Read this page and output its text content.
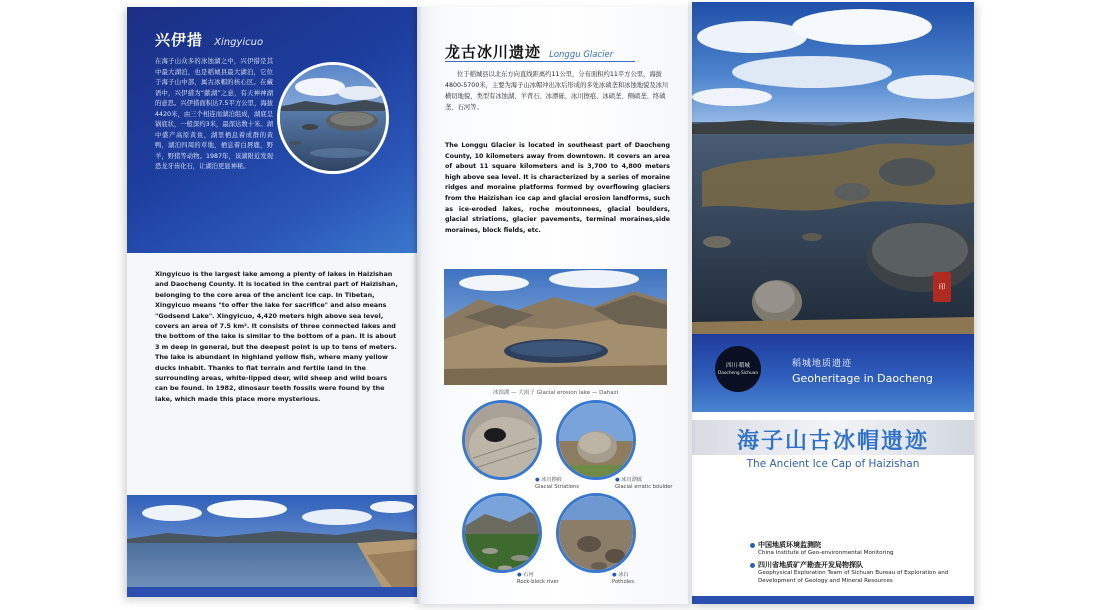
兴伊措 Xingyicuo
在海子山众多的冰蚀湖之中，兴伊措是其中最大湖泊，也是稻城县最大湖泊，它位于海子山中部，属古冰帽的核心区。在藏语中，兴伊措为“献湖”之意，有天神神湖的意思。兴伊措面积达7.5平方公里，海拔4420米，由三个相连而湖泊组成，湖底呈锅底状，一般深约3米，最深达数十米。湖中盛产高原黄鱼，湖里栖息着成群的黄鸭，湖泊四周的草地，栖息着白唇鹿，野羊，野猪等动物。1987年，该湖附近发现恐龙牙齿化石，让湖泊更显神秘。
Xingyicuo is the largest lake among a plenty of lakes in Haizishan and Daocheng County. It is located in the central part of Haizishan, belonging to the core area of the ancient ice cap. In Tibetan, Xingyicuo means "to offer the lake for sacrifice" and also means "Godsend Lake". Xingyicuo, 4,420 meters high above sea level, covers an area of 7.5 km². It consists of three connected lakes and the bottom of the lake is similar to the bottom of a pan. It is about 3 m deep in general, but the deepest point is up to tens of meters. The lake is abundant in highland yellow fish, where many yellow ducks inhabit. Thanks to flat terrain and fertile land in the surrounding areas, white-lipped deer, wild sheep and wild boars can be found. In 1982, dinosaur teeth fossils were found by the lake, which made this place more mysterious.
龙古冰川遗迹 Longgu Glacier
位于稻城县以北东方向直线距离约11公里，分布面积约11平方公里，海拔4800-5700米，主要为海子山冰帽冲出冰后形成的多处冰碛垄和冰蚀地貌及冰川横切地貌，类型有冰蚀湖、羊背石、冰漂砾、冰川擦痕、冰碛垄、侧碛垄、终碛垄、石河等。
The Longgu Glacier is located in southeast part of Daocheng County, 10 kilometers away from downtown. It covers an area of about 11 square kilometers and is 3,700 to 4,800 meters high above sea level. It is characterized by a series of moraine ridges and moraine platforms formed by overflowing glaciers from the Haizishan ice cap and glacial erosion landforms, such as ice-eroded lakes, roche moutonnees, glacial boulders, glacial striations, glacier pavements, terminal moraines,side moraines, block fields, etc.
冰蚀湖 — 大雨子 Glacial erosion lake — Dahazi
● 冰川擦痕
Glacial Striations
● 冰川漂砾
Glacial erratic boulder
● 石河
Rock-block river
● 冰臼
Potholes
印
四川·稻城
Daocheng Sichuan
稻城地质遗迹
Geoheritage in Daocheng
海子山古冰帽遗迹
The Ancient Ice Cap of Haizishan
中国地质环境监测院
China Institute of Geo-environmental Monitoring
四川省地质矿产勘查开发局物探队
Geophysical Exploration Team of Sichuan Bureau of Exploration and Development of Geology and Mineral Resources
